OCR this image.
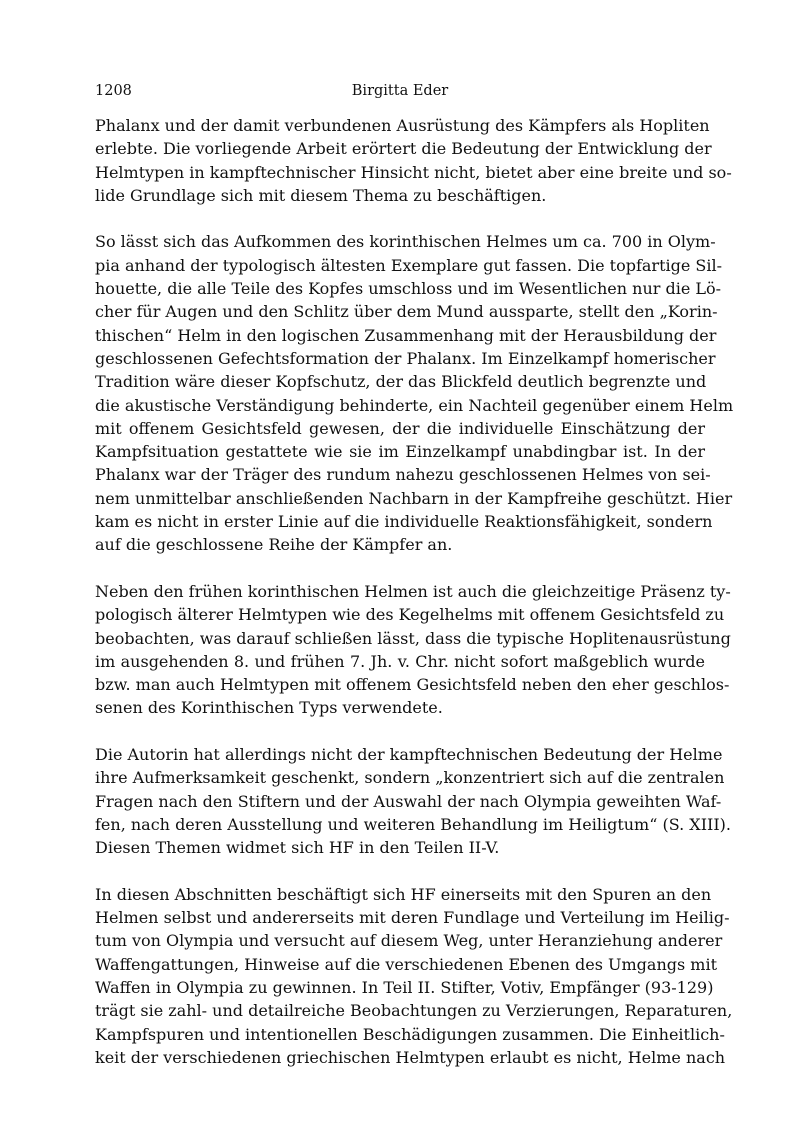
1208	Birgitta Eder
Phalanx und der damit verbundenen Ausrüstung des Kämpfers als Hopliten
erlebte. Die vorliegende Arbeit erörtert die Bedeutung der Entwicklung der
Helmtypen in kampftechnischer Hinsicht nicht, bietet aber eine breite und so-
lide Grundlage sich mit diesem Thema zu beschäftigen.
So lässt sich das Aufkommen des korinthischen Helmes um ca. 700 in Olym-
pia anhand der typologisch ältesten Exemplare gut fassen. Die topfartige Sil-
houette, die alle Teile des Kopfes umschloss und im Wesentlichen nur die Lö-
cher für Augen und den Schlitz über dem Mund aussparte, stellt den „Korin-
thischen“ Helm in den logischen Zusammenhang mit der Herausbildung der
geschlossenen Gefechtsformation der Phalanx. Im Einzelkampf homerischer
Tradition wäre dieser Kopfschutz, der das Blickfeld deutlich begrenzte und
die akustische Verständigung behinderte, ein Nachteil gegenüber einem Helm
mit offenem Gesichtsfeld gewesen, der die individuelle Einschätzung der
Kampfsituation gestattete wie sie im Einzelkampf unabdingbar ist. In der
Phalanx war der Träger des rundum nahezu geschlossenen Helmes von sei-
nem unmittelbar anschließenden Nachbarn in der Kampfreihe geschützt. Hier
kam es nicht in erster Linie auf die individuelle Reaktionsfähigkeit, sondern
auf die geschlossene Reihe der Kämpfer an.
Neben den frühen korinthischen Helmen ist auch die gleichzeitige Präsenz ty-
pologisch älterer Helmtypen wie des Kegelhelms mit offenem Gesichtsfeld zu
beobachten, was darauf schließen lässt, dass die typische Hoplitenausrüstung
im ausgehenden 8. und frühen 7. Jh. v. Chr. nicht sofort maßgeblich wurde
bzw. man auch Helmtypen mit offenem Gesichtsfeld neben den eher geschlos-
senen des Korinthischen Typs verwendete.
Die Autorin hat allerdings nicht der kampftechnischen Bedeutung der Helme
ihre Aufmerksamkeit geschenkt, sondern „konzentriert sich auf die zentralen
Fragen nach den Stiftern und der Auswahl der nach Olympia geweihten Waf-
fen, nach deren Ausstellung und weiteren Behandlung im Heiligtum“ (S. XIII).
Diesen Themen widmet sich HF in den Teilen II-V.
In diesen Abschnitten beschäftigt sich HF einerseits mit den Spuren an den
Helmen selbst und andererseits mit deren Fundlage und Verteilung im Heilig-
tum von Olympia und versucht auf diesem Weg, unter Heranziehung anderer
Waffengattungen, Hinweise auf die verschiedenen Ebenen des Umgangs mit
Waffen in Olympia zu gewinnen. In Teil II. Stifter, Votiv, Empfänger (93-129)
trägt sie zahl- und detailreiche Beobachtungen zu Verzierungen, Reparaturen,
Kampfspuren und intentionellen Beschädigungen zusammen. Die Einheitlich-
keit der verschiedenen griechischen Helmtypen erlaubt es nicht, Helme nach
